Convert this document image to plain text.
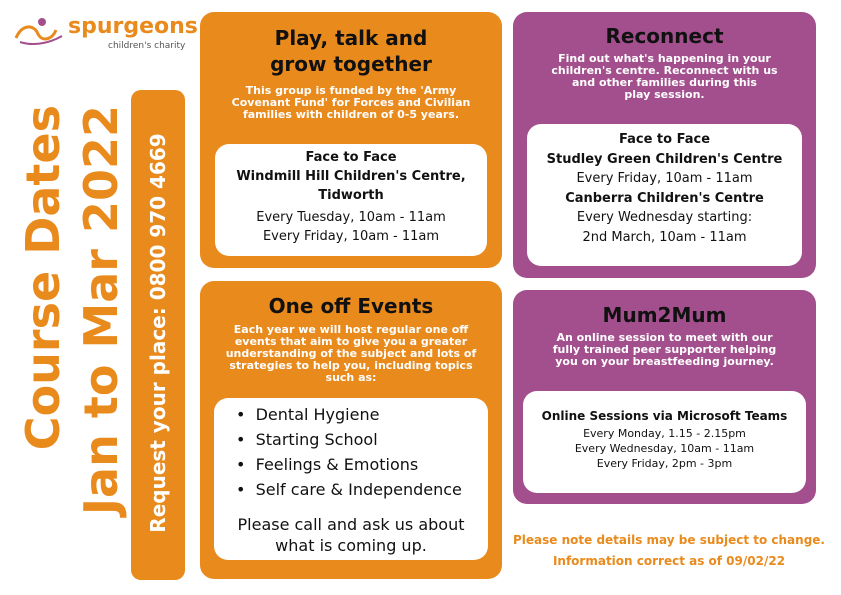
spurgeons
children's charity
Course Dates Jan to Mar 2022 Request your place: 0800 970 4669
Play, talk and
grow together
This group is funded by the 'Army
Covenant Fund' for Forces and Civilian
families with children of 0-5 years.
Face to Face
Windmill Hill Children's Centre,
Tidworth
Every Tuesday, 10am - 11am
Every Friday, 10am - 11am
One off Events
Each year we will host regular one off
events that aim to give you a greater
understanding of the subject and lots of
strategies to help you, including topics
such as:
•  Dental Hygiene
•  Starting School
•  Feelings & Emotions
•  Self care & Independence
Please call and ask us about
what is coming up.
Reconnect
Find out what's happening in your
children's centre. Reconnect with us
and other families during this
play session.
Face to Face
Studley Green Children's Centre
Every Friday, 10am - 11am
Canberra Children's Centre
Every Wednesday starting:
2nd March, 10am - 11am
Mum2Mum
An online session to meet with our
fully trained peer supporter helping
you on your breastfeeding journey.
Online Sessions via Microsoft Teams
Every Monday, 1.15 - 2.15pm
Every Wednesday, 10am - 11am
Every Friday, 2pm - 3pm
Please note details may be subject to change.
Information correct as of 09/02/22
